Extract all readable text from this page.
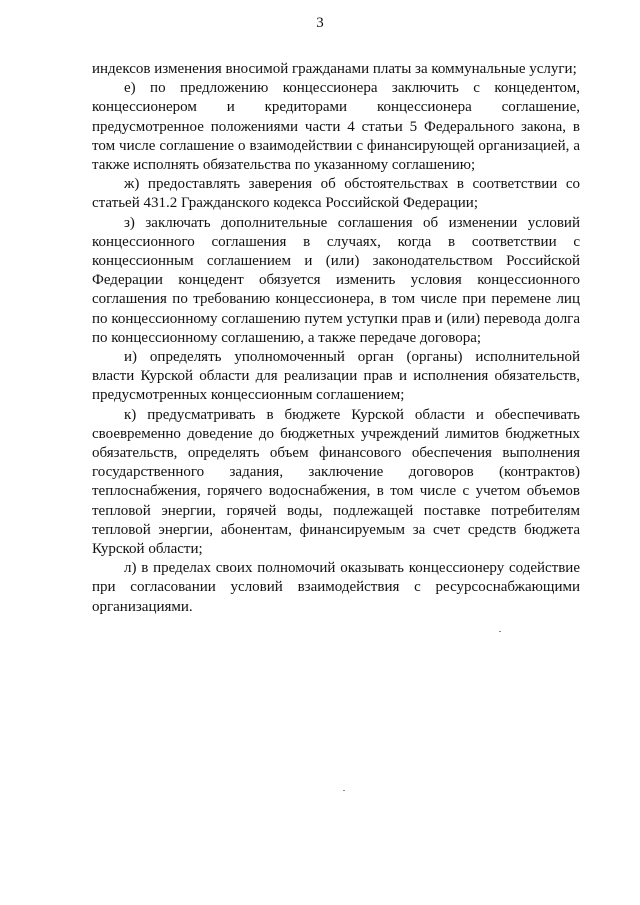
3

индексов изменения вносимой гражданами платы за коммунальные услуги;

е) по предложению концессионера заключить с концедентом, концессионером и кредиторами концессионера соглашение, предусмотренное положениями части 4 статьи 5 Федерального закона, в том числе соглашение о взаимодействии с финансирующей организацией, а также исполнять обязательства по указанному соглашению;

ж) предоставлять заверения об обстоятельствах в соответствии со статьей 431.2 Гражданского кодекса Российской Федерации;

з) заключать дополнительные соглашения об изменении условий концессионного соглашения в случаях, когда в соответствии с концессионным соглашением и (или) законодательством Российской Федерации концедент обязуется изменить условия концессионного соглашения по требованию концессионера, в том числе при перемене лиц по концессионному соглашению путем уступки прав и (или) перевода долга по концессионному соглашению, а также передаче договора;

и) определять уполномоченный орган (органы) исполнительной власти Курской области для реализации прав и исполнения обязательств, предусмотренных концессионным соглашением;

к) предусматривать в бюджете Курской области и обеспечивать своевременно доведение до бюджетных учреждений лимитов бюджетных обязательств, определять объем финансового обеспечения выполнения государственного задания, заключение договоров (контрактов) теплоснабжения, горячего водоснабжения, в том числе с учетом объемов тепловой энергии, горячей воды, подлежащей поставке потребителям тепловой энергии, абонентам, финансируемым за счет средств бюджета Курской области;

л) в пределах своих полномочий оказывать концессионеру содействие при согласовании условий взаимодействия с ресурсоснабжающими организациями.
